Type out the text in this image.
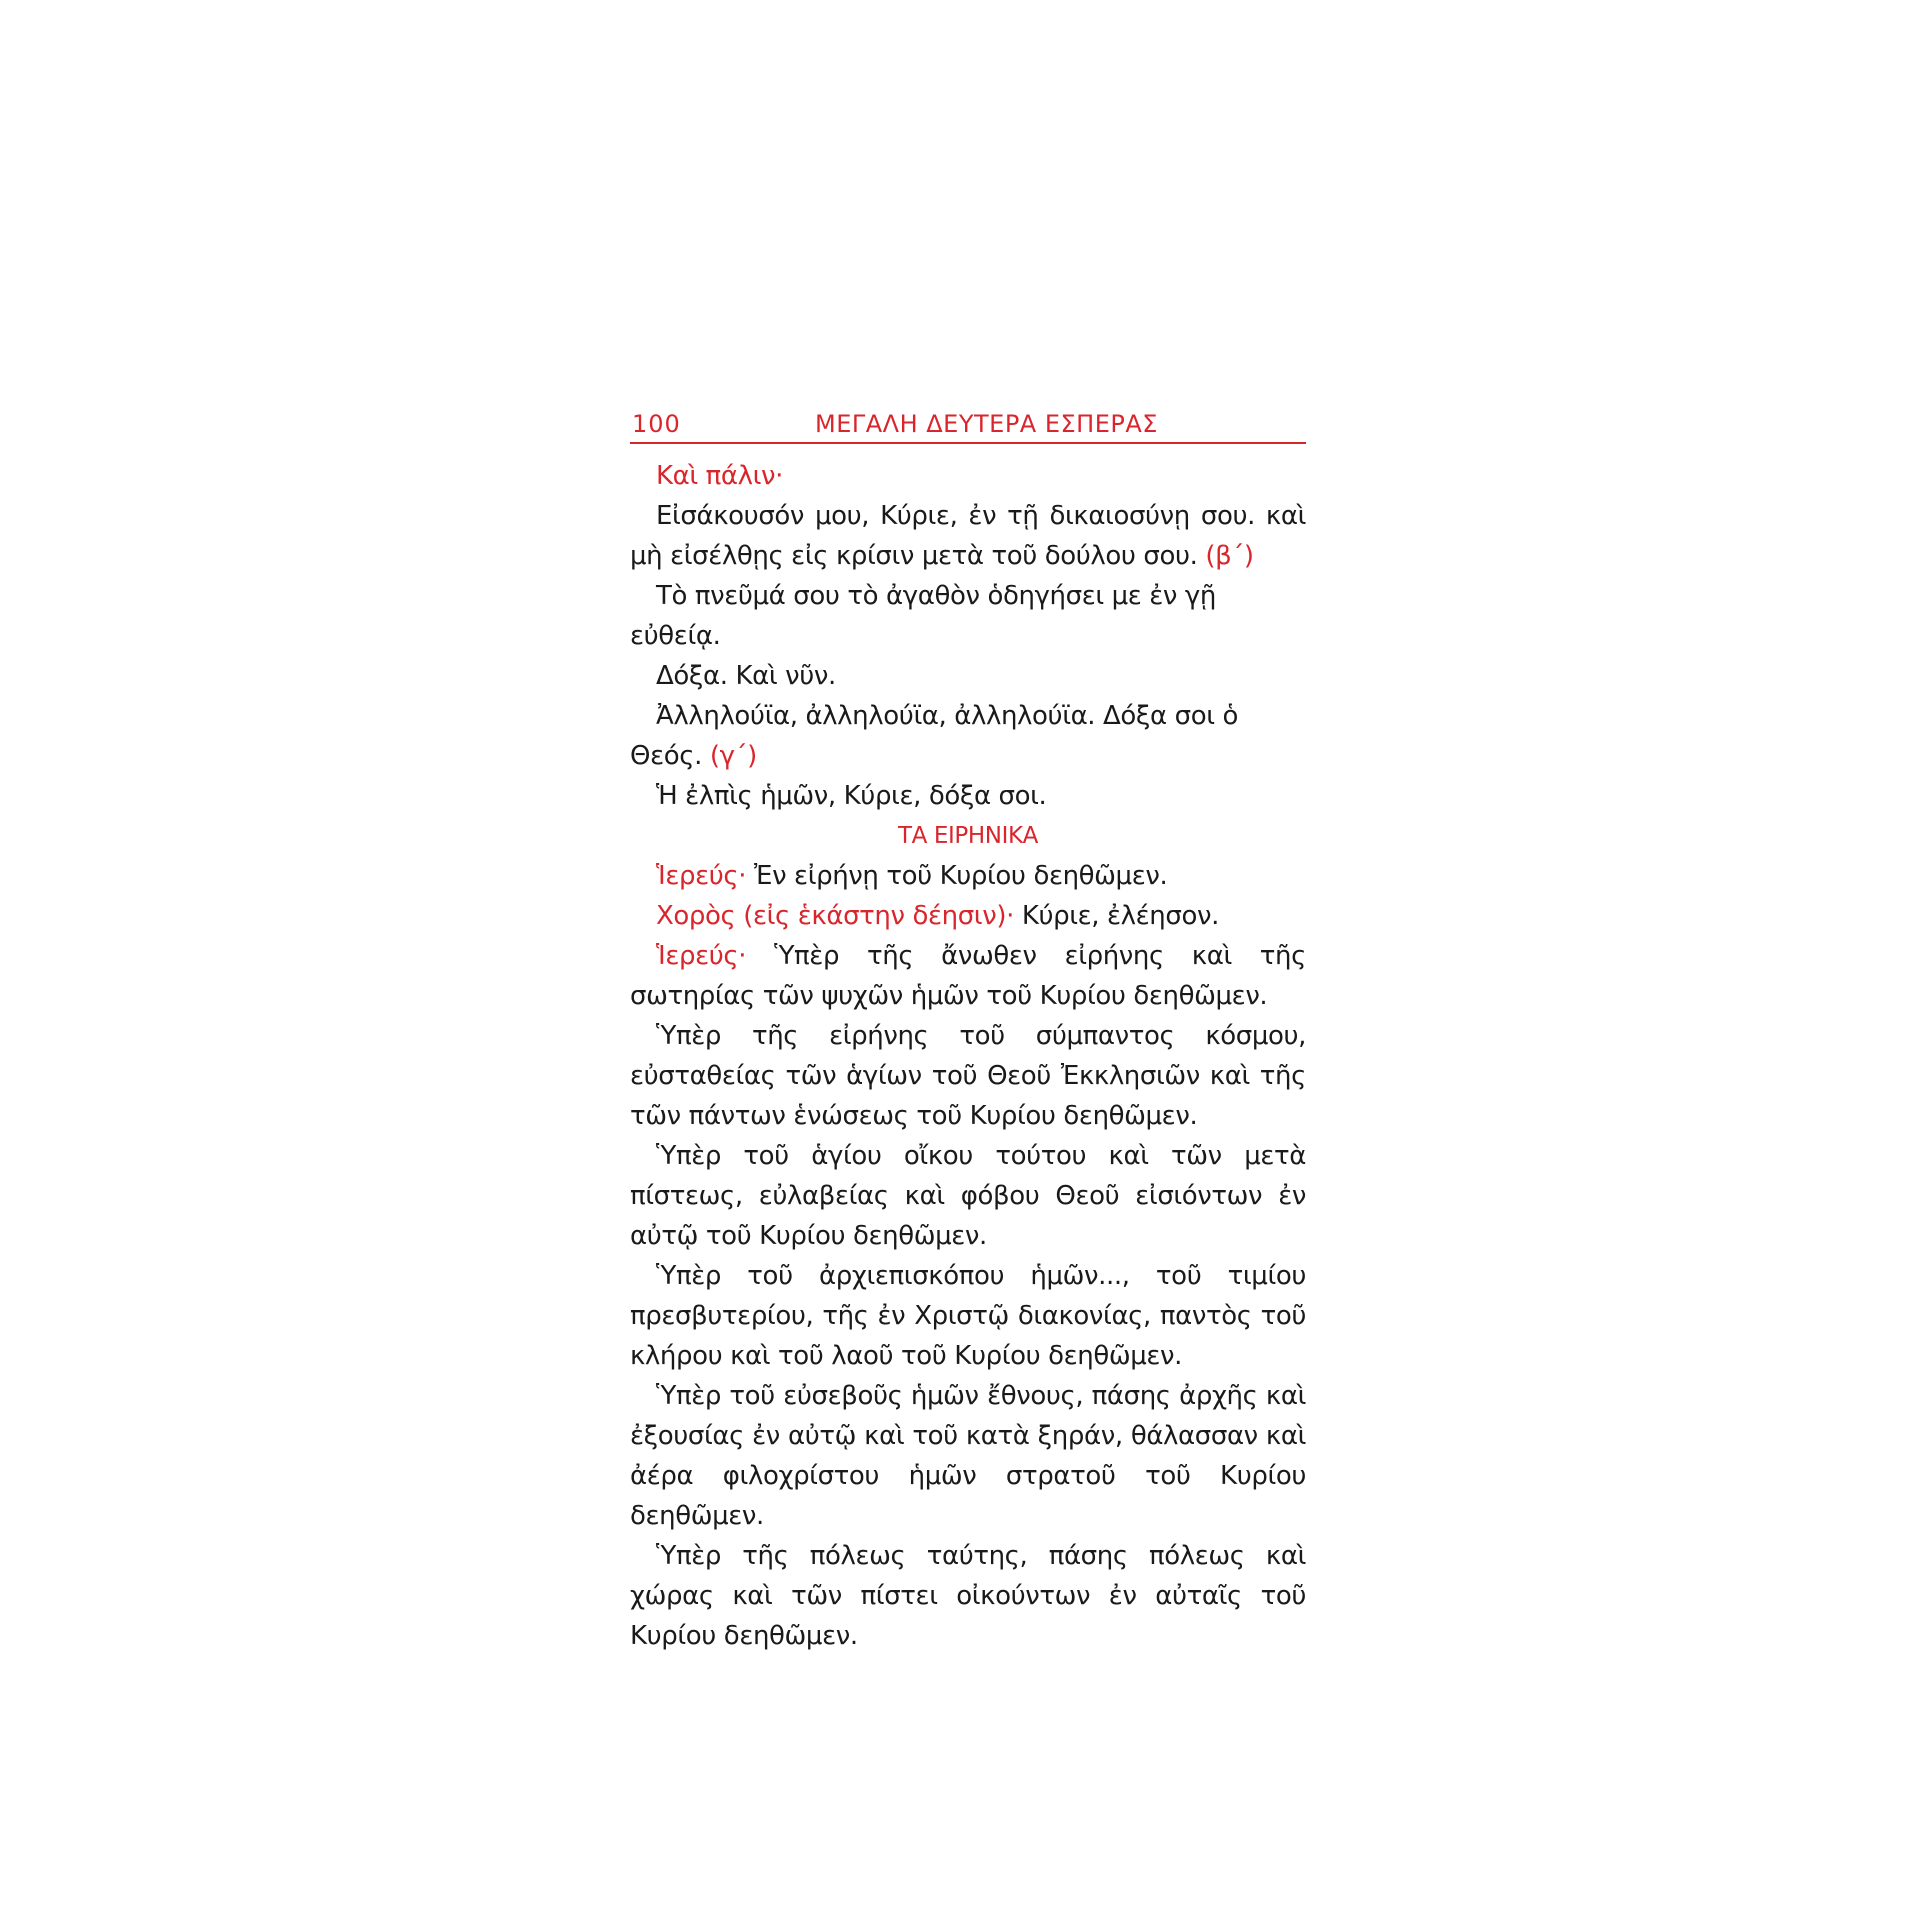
100	ΜΕΓΑΛΗ ΔΕΥΤΕΡΑ ΕΣΠΕΡΑΣ

Καὶ πάλιν·

Εἰσάκουσόν μου, Κύριε, ἐν τῇ δικαιοσύνῃ σου. καὶ μὴ εἰσέλθῃς εἰς κρίσιν μετὰ τοῦ δούλου σου. (β΄)

Τὸ πνεῦμά σου τὸ ἀγαθὸν ὁδηγήσει με ἐν γῇ εὐθείᾳ.

Δόξα. Καὶ νῦν.

Ἀλληλούϊα, ἀλληλούϊα, ἀλληλούϊα. Δόξα σοι ὁ Θεός. (γ΄)

Ἡ ἐλπὶς ἡμῶν, Κύριε, δόξα σοι.

ΤΑ ΕΙΡΗΝΙΚΑ

Ἱερεύς· Ἐν εἰρήνῃ τοῦ Κυρίου δεηθῶμεν.

Χορὸς (εἰς ἑκάστην δέησιν)· Κύριε, ἐλέησον.

Ἱερεύς· Ὑπὲρ τῆς ἄνωθεν εἰρήνης καὶ τῆς σωτηρίας τῶν ψυχῶν ἡμῶν τοῦ Κυρίου δεηθῶμεν.

Ὑπὲρ τῆς εἰρήνης τοῦ σύμπαντος κόσμου, εὐσταθείας τῶν ἁγίων τοῦ Θεοῦ Ἐκκλησιῶν καὶ τῆς τῶν πάντων ἑνώσεως τοῦ Κυρίου δεηθῶμεν.

Ὑπὲρ τοῦ ἁγίου οἴκου τούτου καὶ τῶν μετὰ πίστεως, εὐλαβείας καὶ φόβου Θεοῦ εἰσιόντων ἐν αὐτῷ τοῦ Κυρίου δεηθῶμεν.

Ὑπὲρ τοῦ ἀρχιεπισκόπου ἡμῶν..., τοῦ τιμίου πρεσβυτερίου, τῆς ἐν Χριστῷ διακονίας, παντὸς τοῦ κλήρου καὶ τοῦ λαοῦ τοῦ Κυρίου δεηθῶμεν.

Ὑπὲρ τοῦ εὐσεβοῦς ἡμῶν ἔθνους, πάσης ἀρχῆς καὶ ἐξουσίας ἐν αὐτῷ καὶ τοῦ κατὰ ξηράν, θάλασσαν καὶ ἀέρα φιλοχρίστου ἡμῶν στρατοῦ τοῦ Κυρίου δεηθῶμεν.

Ὑπὲρ τῆς πόλεως ταύτης, πάσης πόλεως καὶ χώρας καὶ τῶν πίστει οἰκούντων ἐν αὐταῖς τοῦ Κυρίου δεηθῶμεν.
